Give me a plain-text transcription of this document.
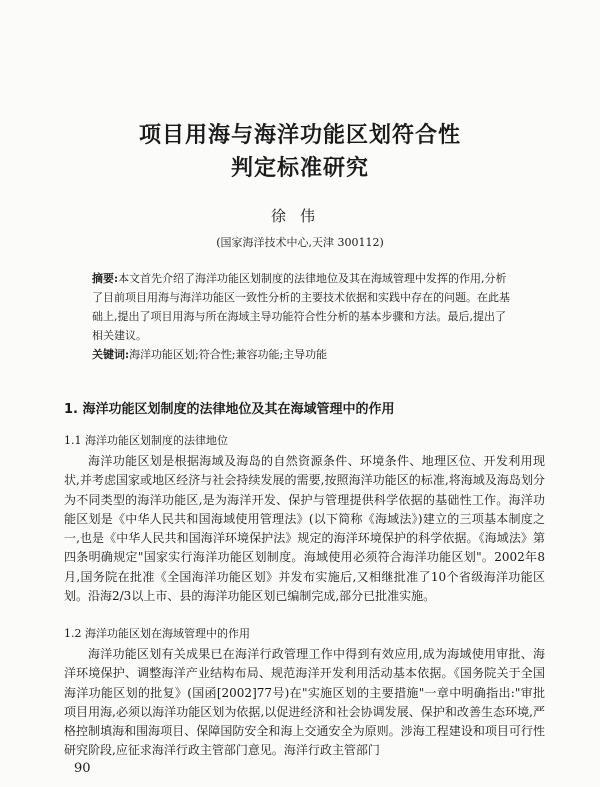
项目用海与海洋功能区划符合性
判定标准研究
徐伟
(国家海洋技术中心,天津 300112)
摘要:本文首先介绍了海洋功能区划制度的法律地位及其在海域管理中发挥的作用,分析了目前项目用海与海洋功能区一致性分析的主要技术依据和实践中存在的问题。在此基础上,提出了项目用海与所在海域主导功能符合性分析的基本步骤和方法。最后,提出了相关建议。
关键词:海洋功能区划;符合性;兼容功能;主导功能
1. 海洋功能区划制度的法律地位及其在海域管理中的作用
1.1 海洋功能区划制度的法律地位
海洋功能区划是根据海域及海岛的自然资源条件、环境条件、地理区位、开发利用现状,并考虑国家或地区经济与社会持续发展的需要,按照海洋功能区的标准,将海域及海岛划分为不同类型的海洋功能区,是为海洋开发、保护与管理提供科学依据的基础性工作。海洋功能区划是《中华人民共和国海域使用管理法》(以下简称《海域法》)建立的三项基本制度之一,也是《中华人民共和国海洋环境保护法》规定的海洋环境保护的科学依据。《海域法》第四条明确规定"国家实行海洋功能区划制度。海域使用必须符合海洋功能区划"。2002年8月,国务院在批准《全国海洋功能区划》并发布实施后,又相继批准了10个省级海洋功能区划。沿海2/3以上市、县的海洋功能区划已编制完成,部分已批准实施。
1.2 海洋功能区划在海域管理中的作用
海洋功能区划有关成果已在海洋行政管理工作中得到有效应用,成为海域使用审批、海洋环境保护、调整海洋产业结构布局、规范海洋开发利用活动基本依据。《国务院关于全国海洋功能区划的批复》(国函[2002]77号)在"实施区划的主要措施"一章中明确指出:"审批项目用海,必须以海洋功能区划为依据,以促进经济和社会协调发展、保护和改善生态环境,严格控制填海和围海项目、保障国防安全和海上交通安全为原则。涉海工程建设和项目可行性研究阶段,应征求海洋行政主管部门意见。海洋行政主管部门
90
